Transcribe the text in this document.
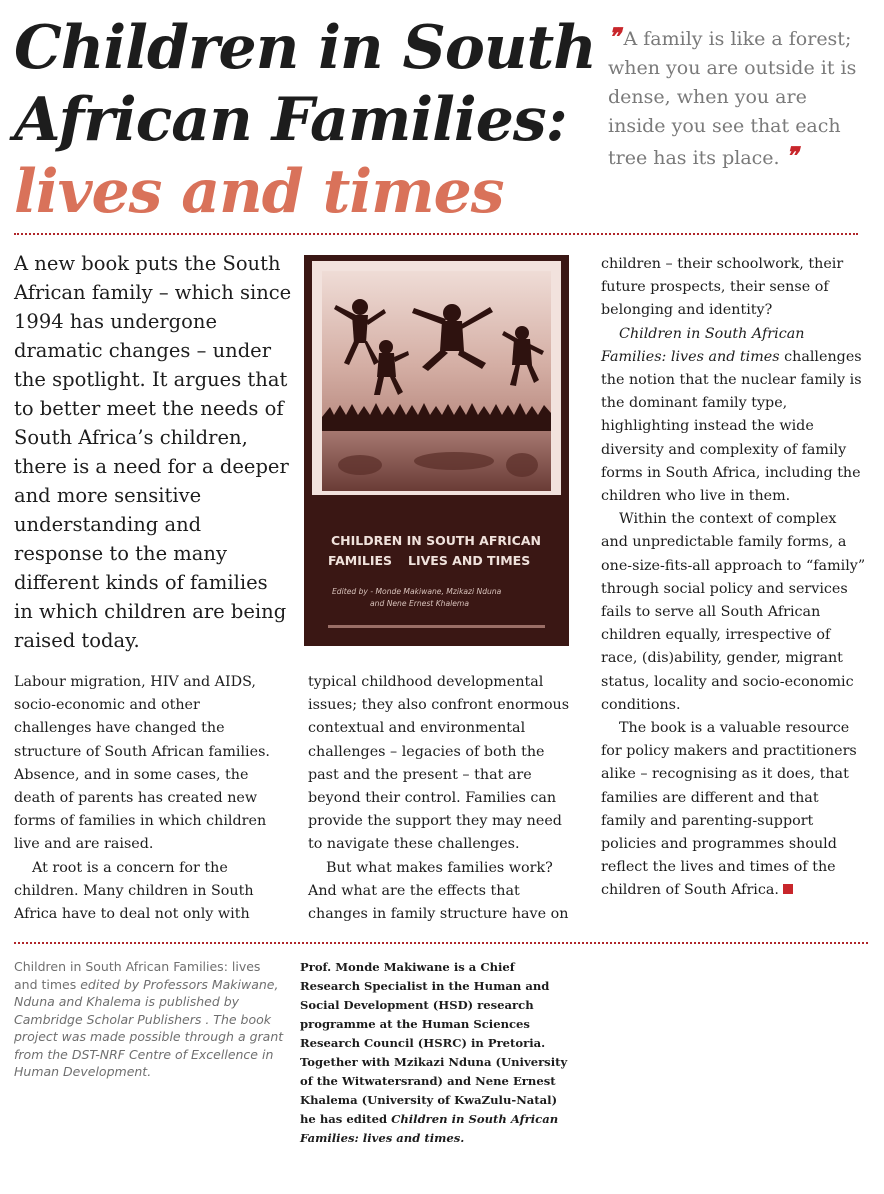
Children in South
African Families:
lives and times
❜❜ A family is like a forest; when you are outside it is dense, when you are inside you see that each tree has its place. ❜❜

A new book puts the South African family – which since 1994 has undergone dramatic changes – under the spotlight. It argues that to better meet the needs of South Africa’s children, there is a need for a deeper and more sensitive understanding and response to the many different kinds of families in which children are being raised today.

CHILDREN IN SOUTH AFRICAN
FAMILIES LIVES AND TIMES
Edited by - Monde Makiwane, Mzikazi Nduna
and Nene Ernest Khalema

Labour migration, HIV and AIDS, socio-economic and other challenges have changed the structure of South African families. Absence, and in some cases, the death of parents has created new forms of families in which children live and are raised.

At root is a concern for the children. Many children in South Africa have to deal not only with

typical childhood developmental issues; they also confront enormous contextual and environmental challenges – legacies of both the past and the present – that are beyond their control. Families can provide the support they may need to navigate these challenges.

But what makes families work? And what are the effects that changes in family structure have on

children – their schoolwork, their future prospects, their sense of belonging and identity?

Children in South African Families: lives and times challenges the notion that the nuclear family is the dominant family type, highlighting instead the wide diversity and complexity of family forms in South Africa, including the children who live in them.

Within the context of complex and unpredictable family forms, a one-size-fits-all approach to “family” through social policy and services fails to serve all South African children equally, irrespective of race, (dis)ability, gender, migrant status, locality and socio-economic conditions.

The book is a valuable resource for policy makers and practitioners alike – recognising as it does, that families are different and that family and parenting-support policies and programmes should reflect the lives and times of the children of South Africa.

Children in South African Families: lives and times edited by Professors Makiwane, Nduna and Khalema is published by Cambridge Scholar Publishers . The book project was made possible through a grant from the DST-NRF Centre of Excellence in Human Development.
Prof. Monde Makiwane is a Chief Research Specialist in the Human and Social Development (HSD) research programme at the Human Sciences Research Council (HSRC) in Pretoria. Together with Mzikazi Nduna (University of the Witwatersrand) and Nene Ernest Khalema (University of KwaZulu-Natal) he has edited Children in South African Families: lives and times.
